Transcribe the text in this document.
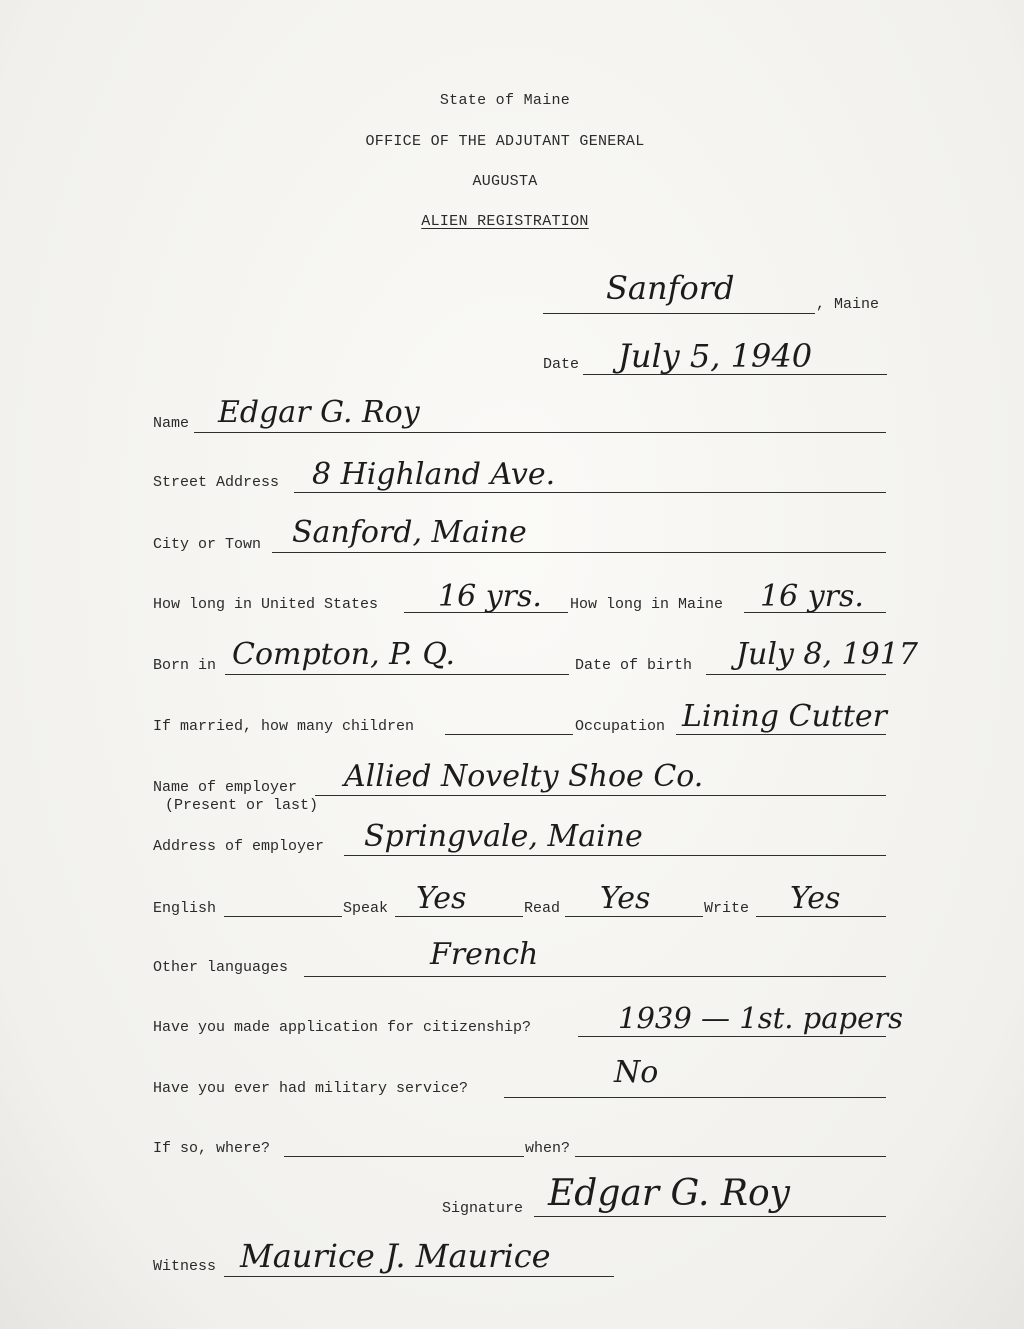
State of Maine
OFFICE OF THE ADJUTANT GENERAL
AUGUSTA
ALIEN REGISTRATION
Sanford	, Maine
Date July 5, 1940
Name Edgar G. Roy
Street Address 8 Highland Ave.
City or Town Sanford, Maine
How long in United States 16 yrs. How long in Maine 16 yrs.
Born in Compton, P. Q.	Date of birth July 8, 1917
If married, how many children	Occupation Lining Cutter
Name of employer
(Present or last)
Allied Novelty Shoe Co.
Address of employer Springvale, Maine
English	Speak Yes	Read Yes	Write Yes
Other languages	French
Have you made application for citizenship?	1939 — 1st. papers
Have you ever had military service?	No
If so, where?	when?
Signature Edgar G. Roy
Witness Maurice J. Maurice
